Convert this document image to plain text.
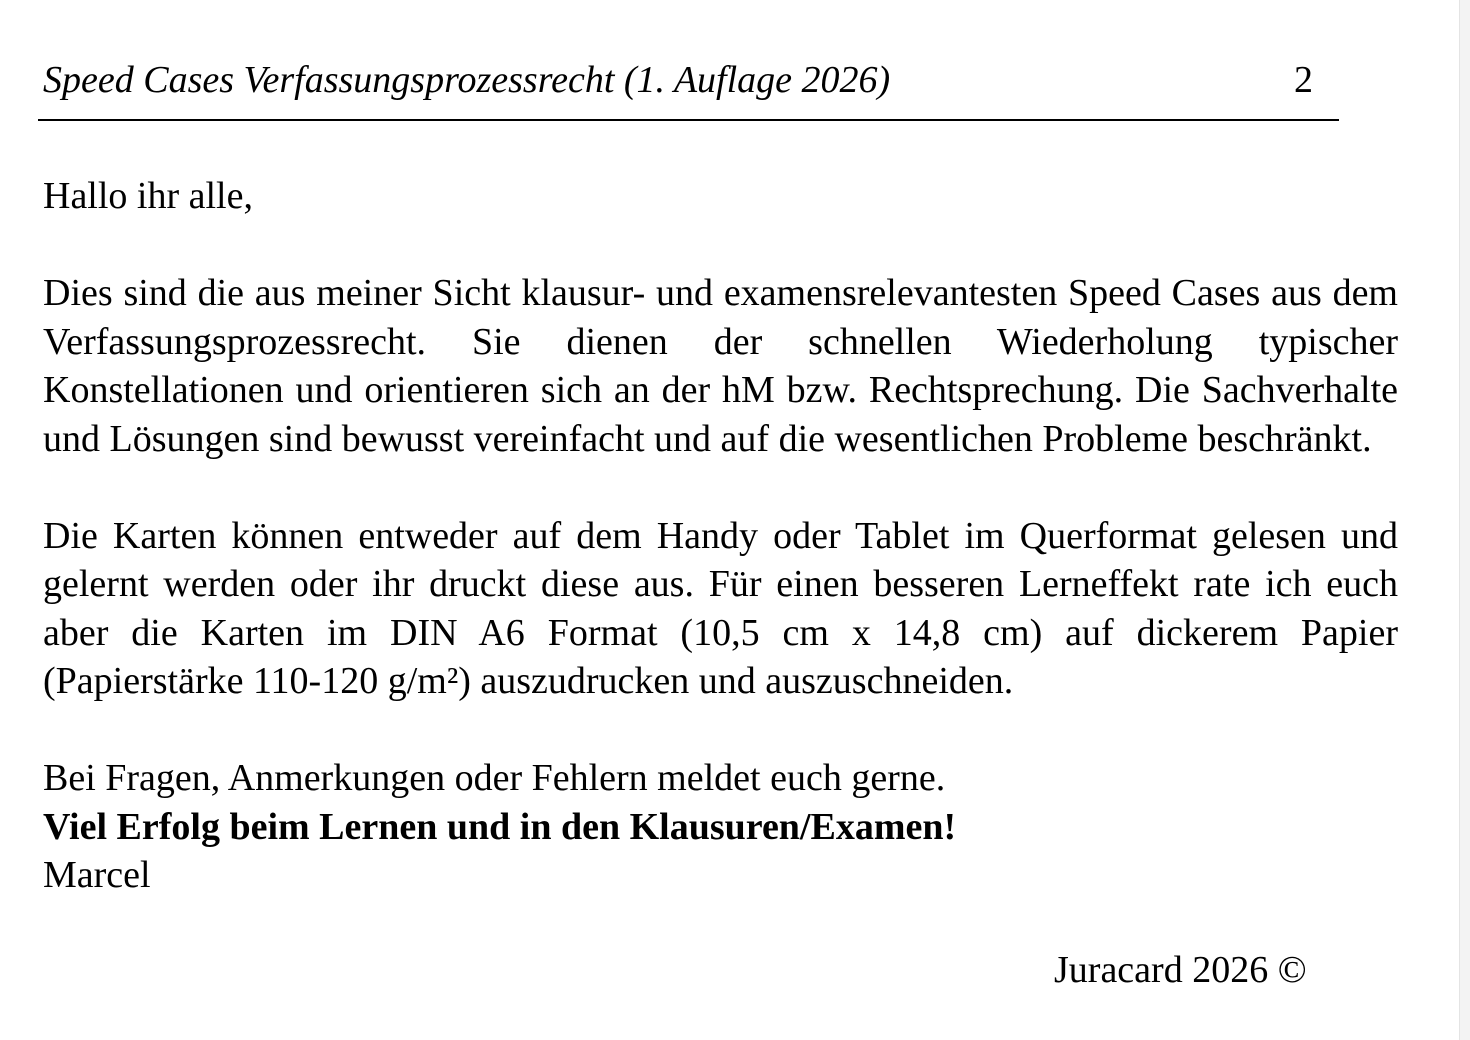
Speed Cases Verfassungsprozessrecht (1. Auflage 2026)	2

Hallo ihr alle,

Dies sind die aus meiner Sicht klausur- und examensrelevantesten Speed Cases aus dem Verfassungsprozessrecht. Sie dienen der schnellen Wiederholung typischer Konstellationen und orientieren sich an der hM bzw. Rechtsprechung. Die Sachverhalte und Lösungen sind bewusst vereinfacht und auf die wesentlichen Probleme beschränkt.

Die Karten können entweder auf dem Handy oder Tablet im Querformat gelesen und gelernt werden oder ihr druckt diese aus. Für einen besseren Lerneffekt rate ich euch aber die Karten im DIN A6 Format (10,5 cm x 14,8 cm) auf dickerem Papier (Papierstärke 110-120 g/m²) auszudrucken und auszuschneiden.

Bei Fragen, Anmerkungen oder Fehlern meldet euch gerne.

Viel Erfolg beim Lernen und in den Klausuren/Examen!

Marcel

Juracard 2026 ©
